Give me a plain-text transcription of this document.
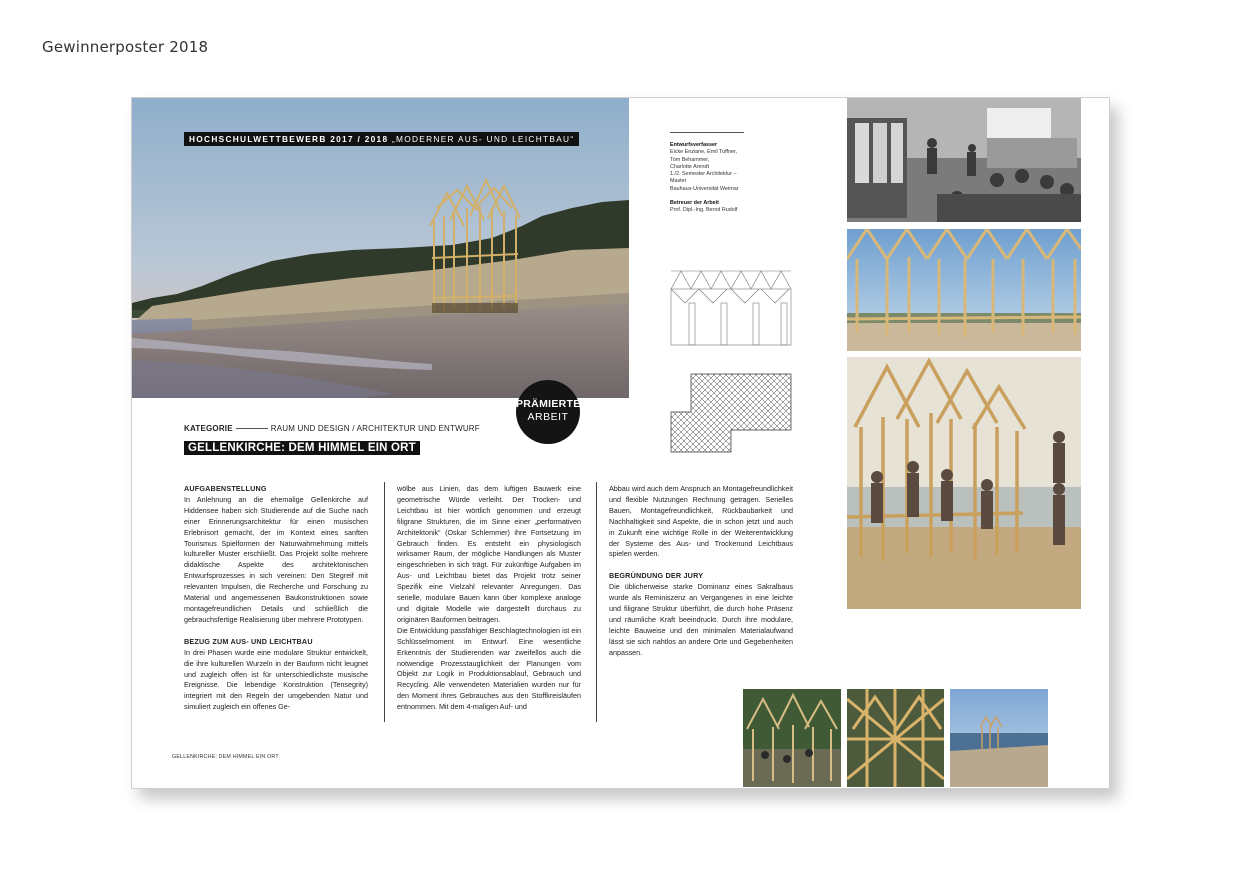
Gewinnerposter 2018
HOCHSCHULWETTBEWERB 2017 / 2018 „MODERNER AUS- UND LEICHTBAU“
PRÄMIERTE
ARBEIT
KATEGORIE	RAUM UND DESIGN / ARCHITEKTUR UND ENTWURF
GELLENKIRCHE: DEM HIMMEL EIN ORT
AUFGABENSTELLUNG

In Anlehnung an die ehemalige Gellenkirche auf Hiddensee haben sich Studierende auf die Suche nach einer Erinnerungsarchitektur für einen musischen Erlebnisort gemacht, der im Kontext eines sanften Tourismus Spielformen der Naturwahrnehmung mittels kultureller Muster erschließt. Das Projekt sollte mehrere didaktische Aspekte des architektonischen Entwurfsprozesses in sich vereinen: Den Stegreif mit relevanten Impulsen, die Recherche und Forschung zu Material und angemessenen Baukonstruktionen sowie montagefreundlichen Details und schließlich die gebrauchsfertige Realisierung über mehrere Prototypen.

BEZUG ZUM AUS- UND LEICHTBAU

In drei Phasen wurde eine modulare Struktur entwickelt, die ihre kulturellen Wurzeln in der Bauform nicht leugnet und zugleich offen ist für unterschiedlichste musische Ereignisse. Die lebendige Konstruktion (Tensegrity) integriert mit den Regeln der umgebenden Natur und simuliert zugleich ein offenes Ge-

wölbe aus Linien, das dem luftigen Bauwerk eine geometrische Würde verleiht. Der Trocken- und Leichtbau ist hier wörtlich genommen und erzeugt filigrane Strukturen, die im Sinne einer „performativen Architektonik“ (Oskar Schlemmer) ihre Fortsetzung im Gebrauch finden. Es entsteht ein physiologisch wirksamer Raum, der mögliche Handlungen als Muster eingeschrieben in sich trägt. Für zukünftige Aufgaben im Aus- und Leichtbau bietet das Projekt trotz seiner Spezifik eine Vielzahl relevanter Anregungen. Das serielle, modulare Bauen kann über komplexe analoge und digitale Modelle wie dargestellt durchaus zu originären Bauformen beitragen.

Die Entwicklung passfähiger Beschlagtechnologien ist ein Schlüsselmoment im Entwurf. Eine wesentliche Erkenntnis der Studierenden war zweifellos auch die notwendige Prozesstauglichkeit der Planungen vom Objekt zur Logik in Produktionsablauf, Gebrauch und Recycling. Alle verwendeten Materialien wurden nur für den Moment ihres Gebrauches aus den Stoffkreisläufen entnommen. Mit dem 4-maligen Auf- und

Abbau wird auch dem Anspruch an Montagefreundlichkeit und flexible Nutzungen Rechnung getragen. Serielles Bauen, Montagefreundlichkeit, Rückbaubarkeit und Nachhaltigkeit sind Aspekte, die in schon jetzt und auch in Zukunft eine wichtige Rolle in der Weiterentwicklung der Systeme des Aus- und Trockenund Leichtbaus spielen werden.

BEGRÜNDUNG DER JURY

Die üblicherweise starke Dominanz eines Sakralbaus wurde als Reminiszenz an Vergangenes in eine leichte und filigrane Struktur überführt, die durch hohe Präsenz und räumliche Kraft beeindruckt. Durch ihre modulare, leichte Bauweise und den minimalen Materialaufwand lässt sie sich nahtlos an andere Orte und Gegebenheiten anpassen.

GELLENKIRCHE: DEM HIMMEL EIN ORT
Entwurfsverfasser
Eicke Enziane, Emil Tuffner,
Tom Behammer,
Charlotte Arendt
1./2. Semester Architektur –
Master
Bauhaus-Universität Weimar
Betreuer der Arbeit
Prof. Dipl.-Ing. Bernd Rudolf
